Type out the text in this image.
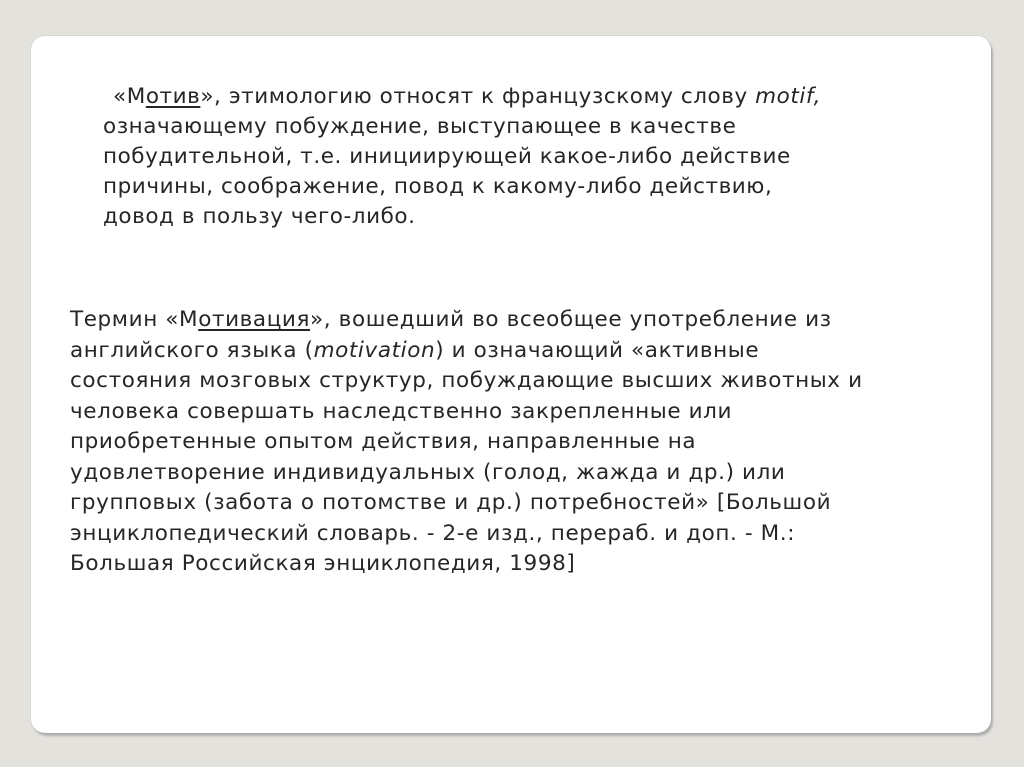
«Мотив», этимологию относят к французскому слову motif,
означающему побуждение, выступающее в качестве
побудительной, т.е. инициирующей какое-либо действие
причины, соображение, повод к какому-либо действию,
довод в пользу чего-либо.

Термин «Мотивация», вошедший во всеобщее употребление из
английского языка (motivation) и означающий «активные
состояния мозговых структур, побуждающие высших животных и
человека совершать наследственно закрепленные или
приобретенные опытом действия, направленные на
удовлетворение индивидуальных (голод, жажда и др.) или
групповых (забота о потомстве и др.) потребностей» [Большой
энциклопедический словарь. - 2-е изд., перераб. и доп. - М.:
Большая Российская энциклопедия, 1998]
